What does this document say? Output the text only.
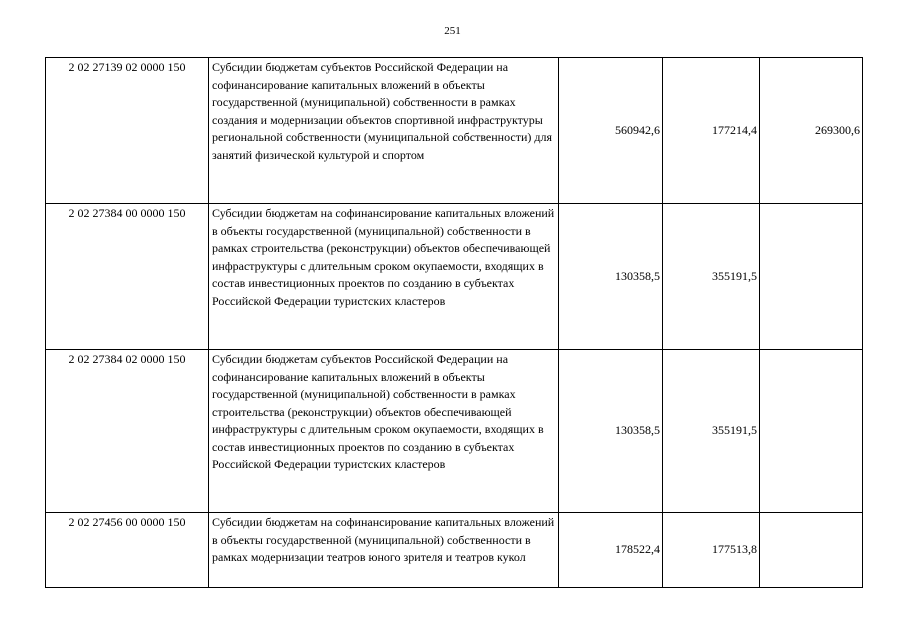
251
2 02 27139 02 0000 150	Субсидии бюджетам субъектов Российской Федерации на софинансирование капитальных вложений в объекты государственной (муниципальной) собственности в рамках создания и модернизации объектов спортивной инфраструктуры региональной собственности (муниципальной собственности) для занятий физической культурой и спортом	560942,6	177214,4	269300,6
2 02 27384 00 0000 150	Субсидии бюджетам на софинансирование капитальных вложений в объекты государственной (муниципальной) собственности в рамках строительства (реконструкции) объектов обеспечивающей инфраструктуры с длительным сроком окупаемости, входящих в состав инвестиционных проектов по созданию в субъектах Российской Федерации туристских кластеров	130358,5	355191,5	
2 02 27384 02 0000 150	Субсидии бюджетам субъектов Российской Федерации на софинансирование капитальных вложений в объекты государственной (муниципальной) собственности в рамках строительства (реконструкции) объектов обеспечивающей инфраструктуры с длительным сроком окупаемости, входящих в состав инвестиционных проектов по созданию в субъектах Российской Федерации туристских кластеров	130358,5	355191,5	
2 02 27456 00 0000 150	Субсидии бюджетам на софинансирование капитальных вложений в объекты государственной (муниципальной) собственности в рамках модернизации театров юного зрителя и театров кукол	178522,4	177513,8	
